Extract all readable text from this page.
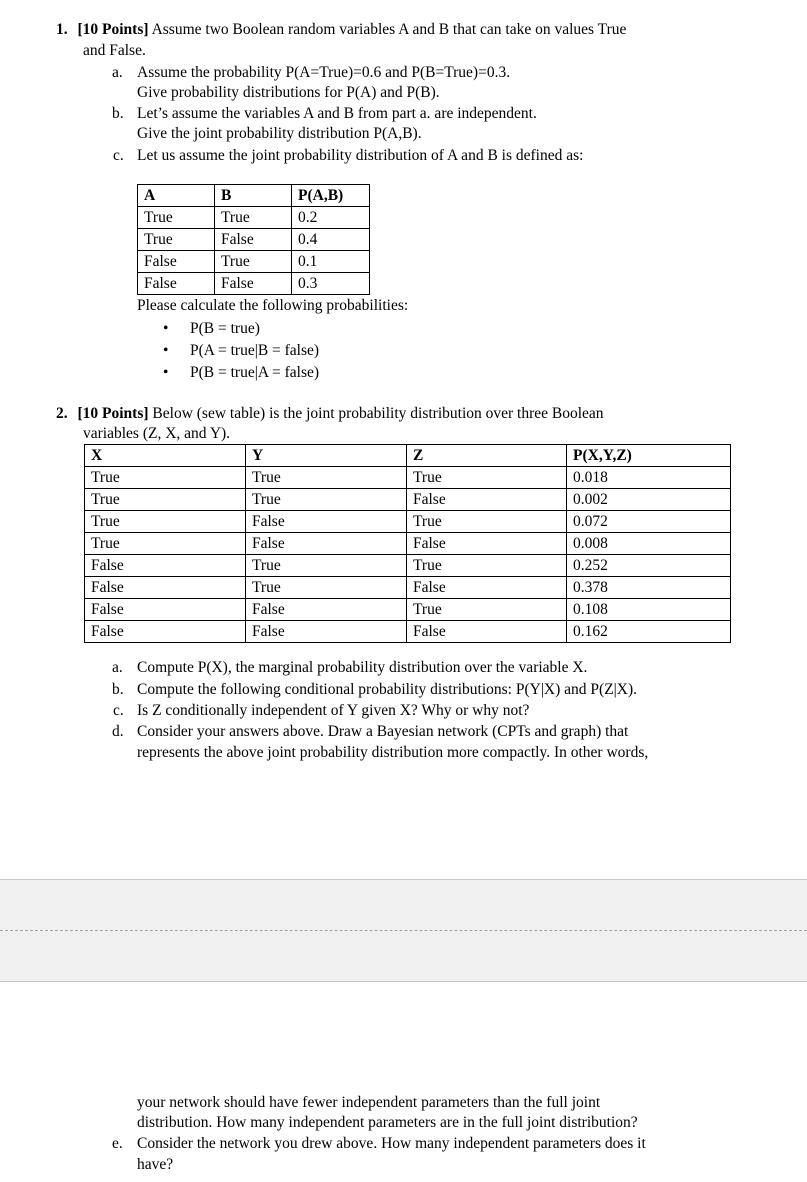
1. [10 Points] Assume two Boolean random variables A and B that can take on values True
and False.
a. Assume the probability P(A=True)=0.6 and P(B=True)=0.3.
Give probability distributions for P(A) and P(B).
b. Let’s assume the variables A and B from part a. are independent.
Give the joint probability distribution P(A,B).
c. Let us assume the joint probability distribution of A and B is defined as:
A	B	P(A,B)
True	True	0.2
True	False	0.4
False	True	0.1
False	False	0.3
Please calculate the following probabilities:
• P(B = true)
• P(A = true|B = false)
• P(B = true|A = false)
2. [10 Points] Below (sew table) is the joint probability distribution over three Boolean
variables (Z, X, and Y).
X	Y	Z	P(X,Y,Z)
True	True	True	0.018
True	True	False	0.002
True	False	True	0.072
True	False	False	0.008
False	True	True	0.252
False	True	False	0.378
False	False	True	0.108
False	False	False	0.162
a. Compute P(X), the marginal probability distribution over the variable X.
b. Compute the following conditional probability distributions: P(Y|X) and P(Z|X).
c. Is Z conditionally independent of Y given X? Why or why not?
d. Consider your answers above. Draw a Bayesian network (CPTs and graph) that
represents the above joint probability distribution more compactly. In other words,
your network should have fewer independent parameters than the full joint
distribution. How many independent parameters are in the full joint distribution?
e. Consider the network you drew above. How many independent parameters does it
have?
